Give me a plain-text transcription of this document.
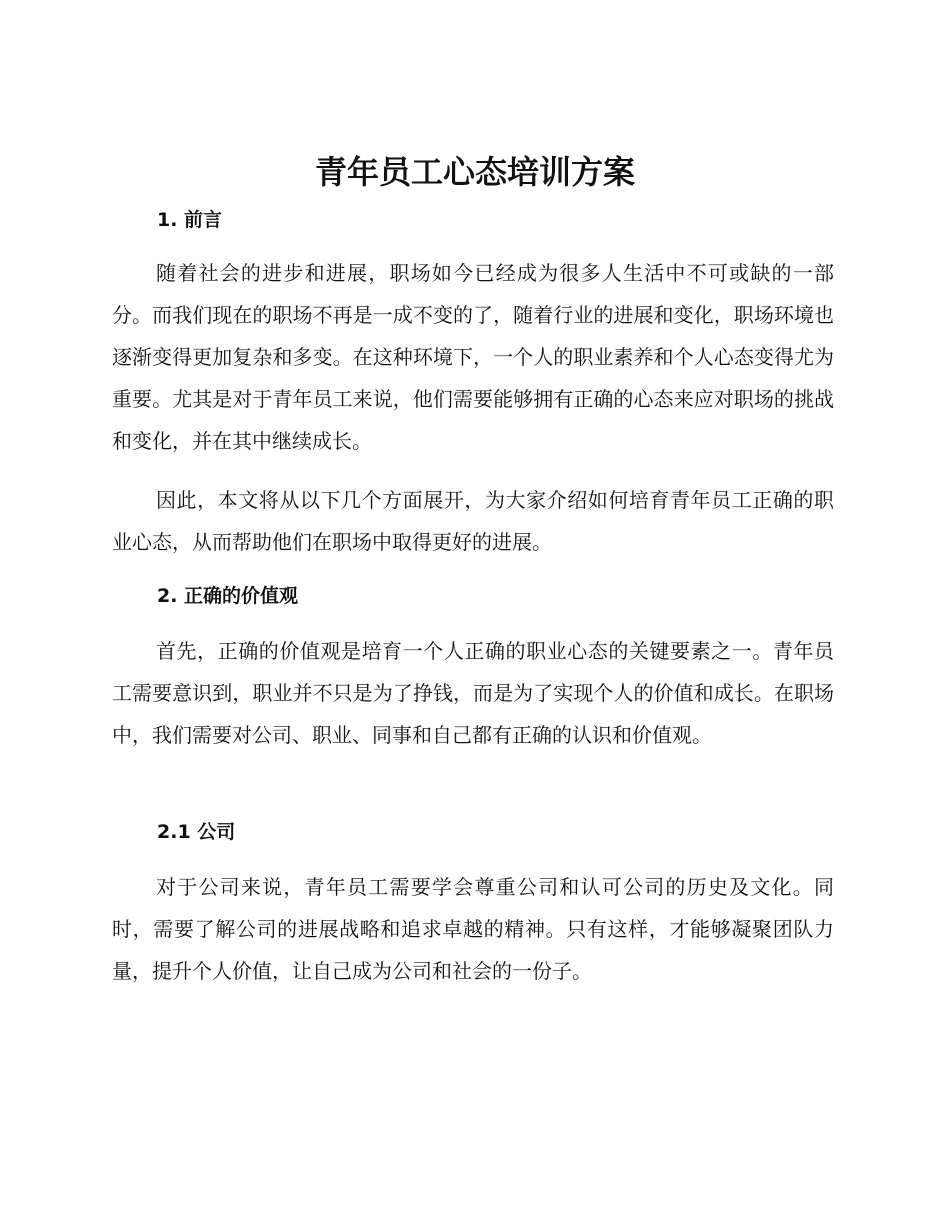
青年员工心态培训方案
1. 前言

随着社会的进步和进展，职场如今已经成为很多人生活中不可或缺的一部分。而我们现在的职场不再是一成不变的了，随着行业的进展和变化，职场环境也逐渐变得更加复杂和多变。在这种环境下，一个人的职业素养和个人心态变得尤为重要。尤其是对于青年员工来说，他们需要能够拥有正确的心态来应对职场的挑战和变化，并在其中继续成长。

因此，本文将从以下几个方面展开，为大家介绍如何培育青年员工正确的职业心态，从而帮助他们在职场中取得更好的进展。

2. 正确的价值观

首先，正确的价值观是培育一个人正确的职业心态的关键要素之一。青年员工需要意识到，职业并不只是为了挣钱，而是为了实现个人的价值和成长。在职场中，我们需要对公司、职业、同事和自己都有正确的认识和价值观。

2.1 公司

对于公司来说，青年员工需要学会尊重公司和认可公司的历史及文化。同时，需要了解公司的进展战略和追求卓越的精神。只有这样，才能够凝聚团队力量，提升个人价值，让自己成为公司和社会的一份子。
